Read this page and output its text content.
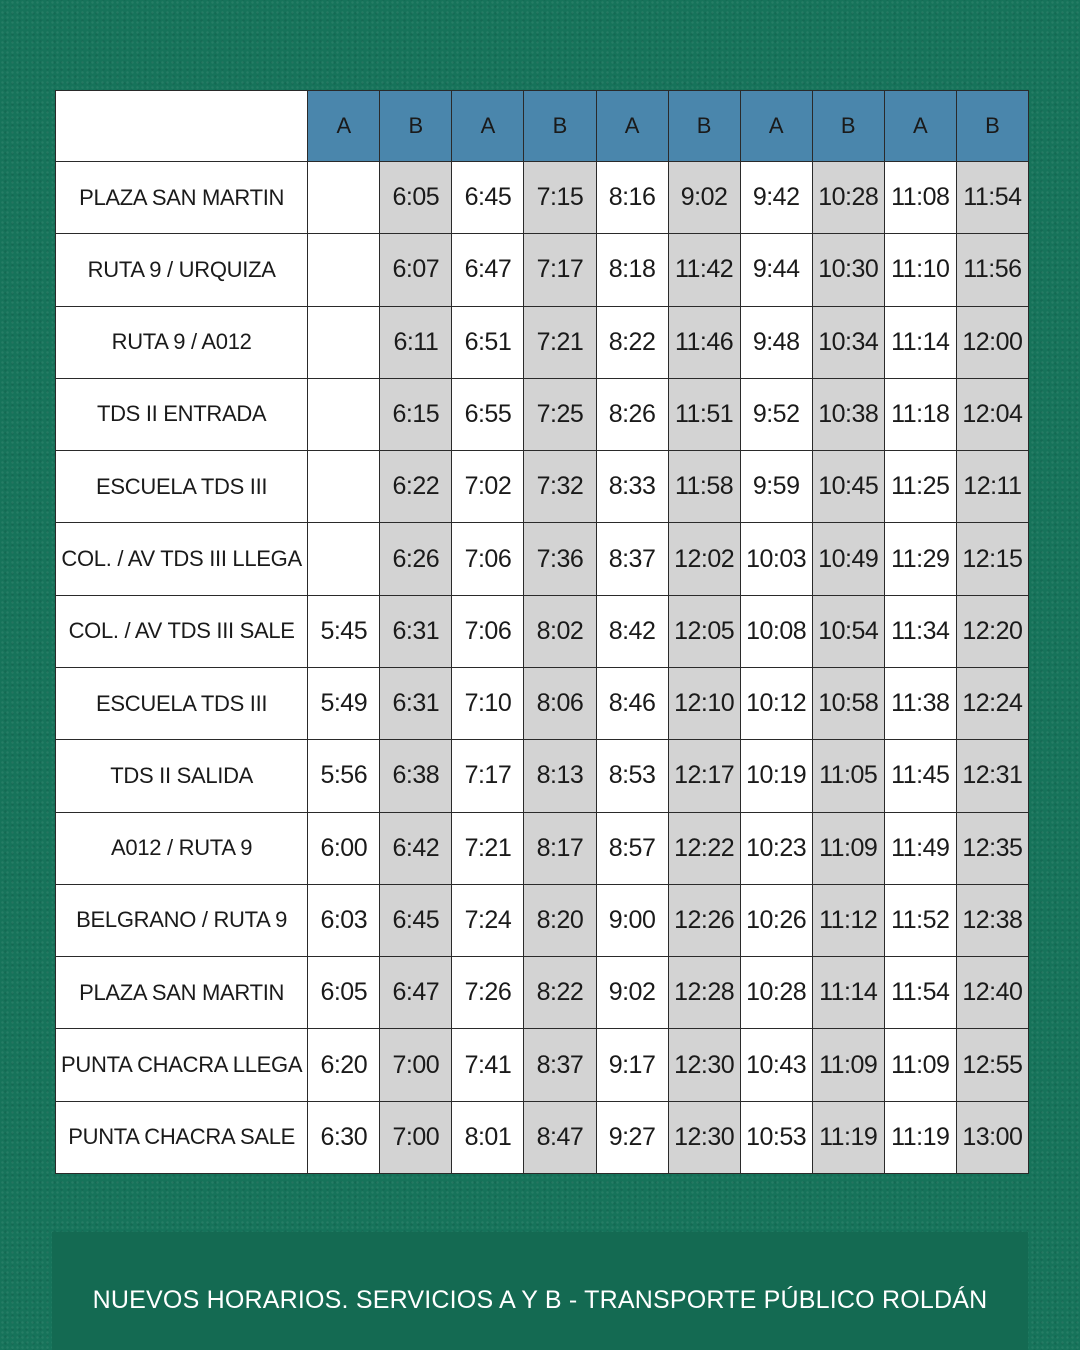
	A	B	A	B	A	B	A	B	A	B
PLAZA SAN MARTIN		6:05	6:45	7:15	8:16	9:02	9:42	10:28	11:08	11:54
RUTA 9 / URQUIZA		6:07	6:47	7:17	8:18	11:42	9:44	10:30	11:10	11:56
RUTA 9 / A012		6:11	6:51	7:21	8:22	11:46	9:48	10:34	11:14	12:00
TDS II ENTRADA		6:15	6:55	7:25	8:26	11:51	9:52	10:38	11:18	12:04
ESCUELA TDS III		6:22	7:02	7:32	8:33	11:58	9:59	10:45	11:25	12:11
COL. / AV TDS III LLEGA		6:26	7:06	7:36	8:37	12:02	10:03	10:49	11:29	12:15
COL. / AV TDS III SALE	5:45	6:31	7:06	8:02	8:42	12:05	10:08	10:54	11:34	12:20
ESCUELA TDS III	5:49	6:31	7:10	8:06	8:46	12:10	10:12	10:58	11:38	12:24
TDS II SALIDA	5:56	6:38	7:17	8:13	8:53	12:17	10:19	11:05	11:45	12:31
A012 / RUTA 9	6:00	6:42	7:21	8:17	8:57	12:22	10:23	11:09	11:49	12:35
BELGRANO / RUTA 9	6:03	6:45	7:24	8:20	9:00	12:26	10:26	11:12	11:52	12:38
PLAZA SAN MARTIN	6:05	6:47	7:26	8:22	9:02	12:28	10:28	11:14	11:54	12:40
PUNTA CHACRA LLEGA	6:20	7:00	7:41	8:37	9:17	12:30	10:43	11:09	11:09	12:55
PUNTA CHACRA SALE	6:30	7:00	8:01	8:47	9:27	12:30	10:53	11:19	11:19	13:00
NUEVOS HORARIOS. SERVICIOS A Y B - TRANSPORTE PÚBLICO ROLDÁN
